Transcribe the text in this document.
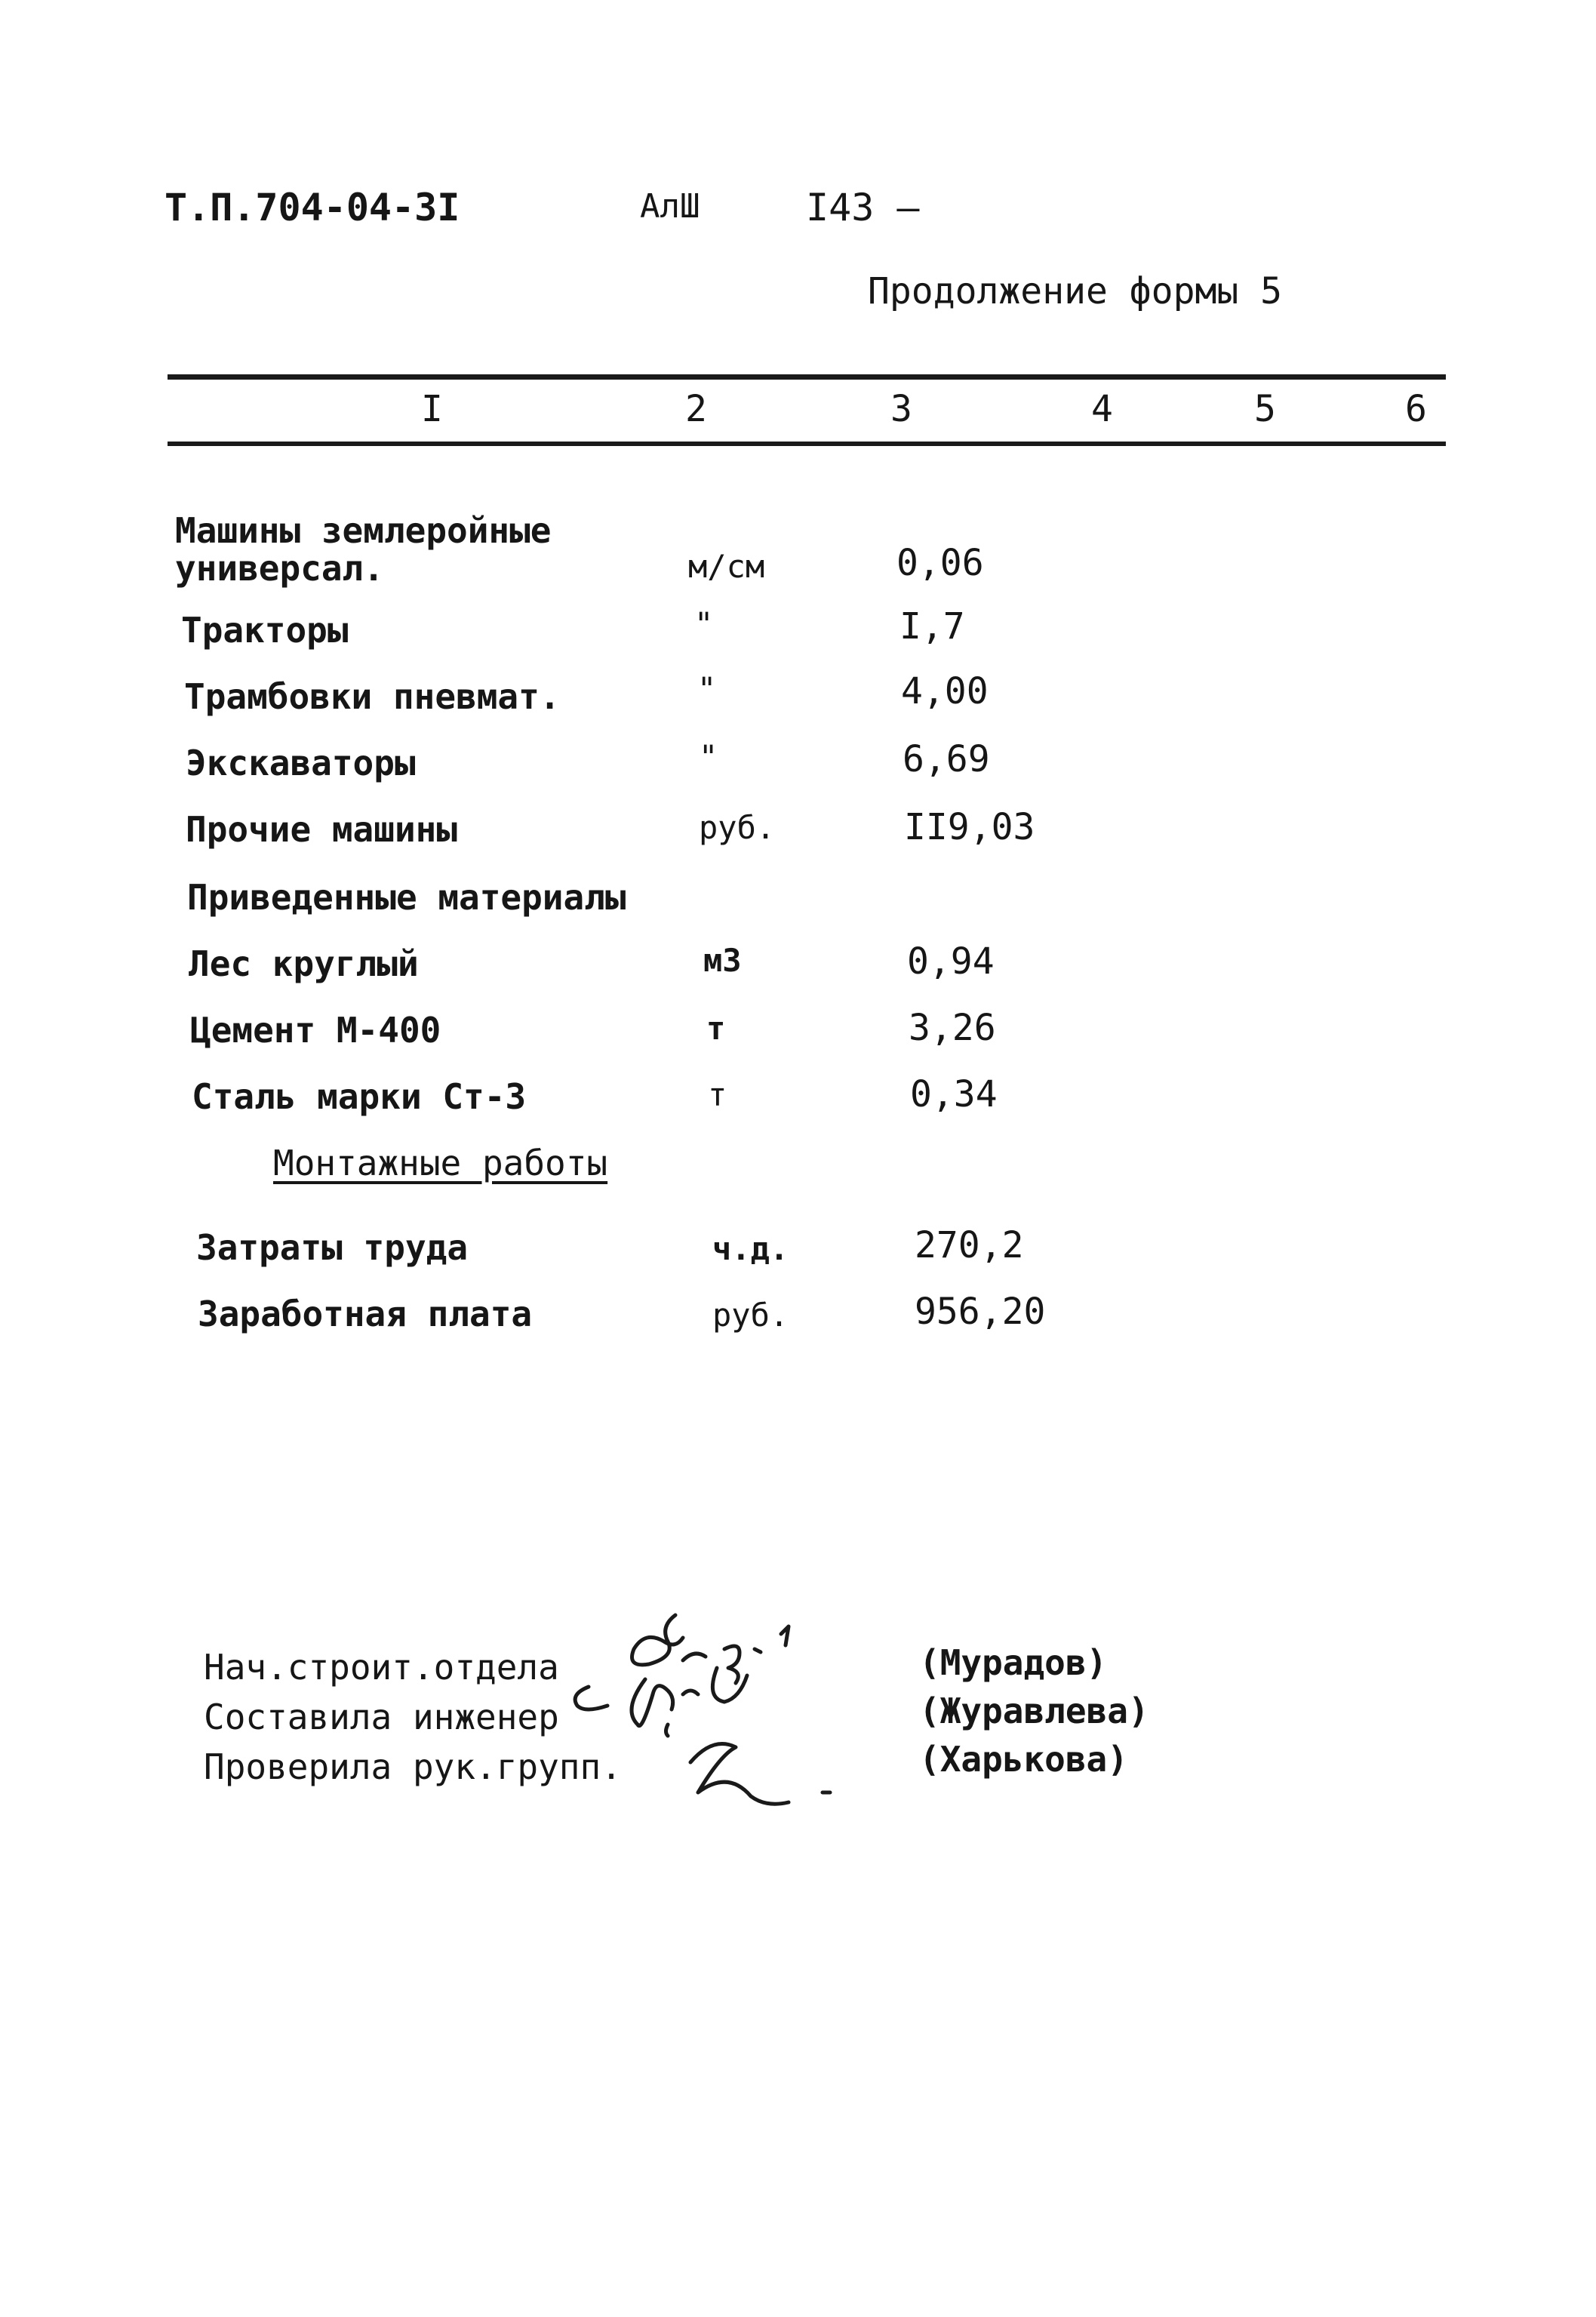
Т.П.704-04-3І	АлШ	І43 —
Продолжение формы 5
І	2	3	4	5	6
Машины землеройные
универсал.	м/см	0,06
Тракторы	"	І,7
Трамбовки пневмат.	"	4,00
Экскаваторы	"	6,69
Прочие машины	руб.	ІІ9,03
Приведенные материалы
Лес круглый	м3	0,94
Цемент М-400	т	3,26
Сталь марки Ст-3	т	0,34
Монтажные работы
Затраты труда	ч.д.	270,2
Заработная плата	руб.	956,20
Нач.строит.отдела
Составила инженер
Проверила рук.групп.
(Мурадов)
(Журавлева)
(Харькова)
